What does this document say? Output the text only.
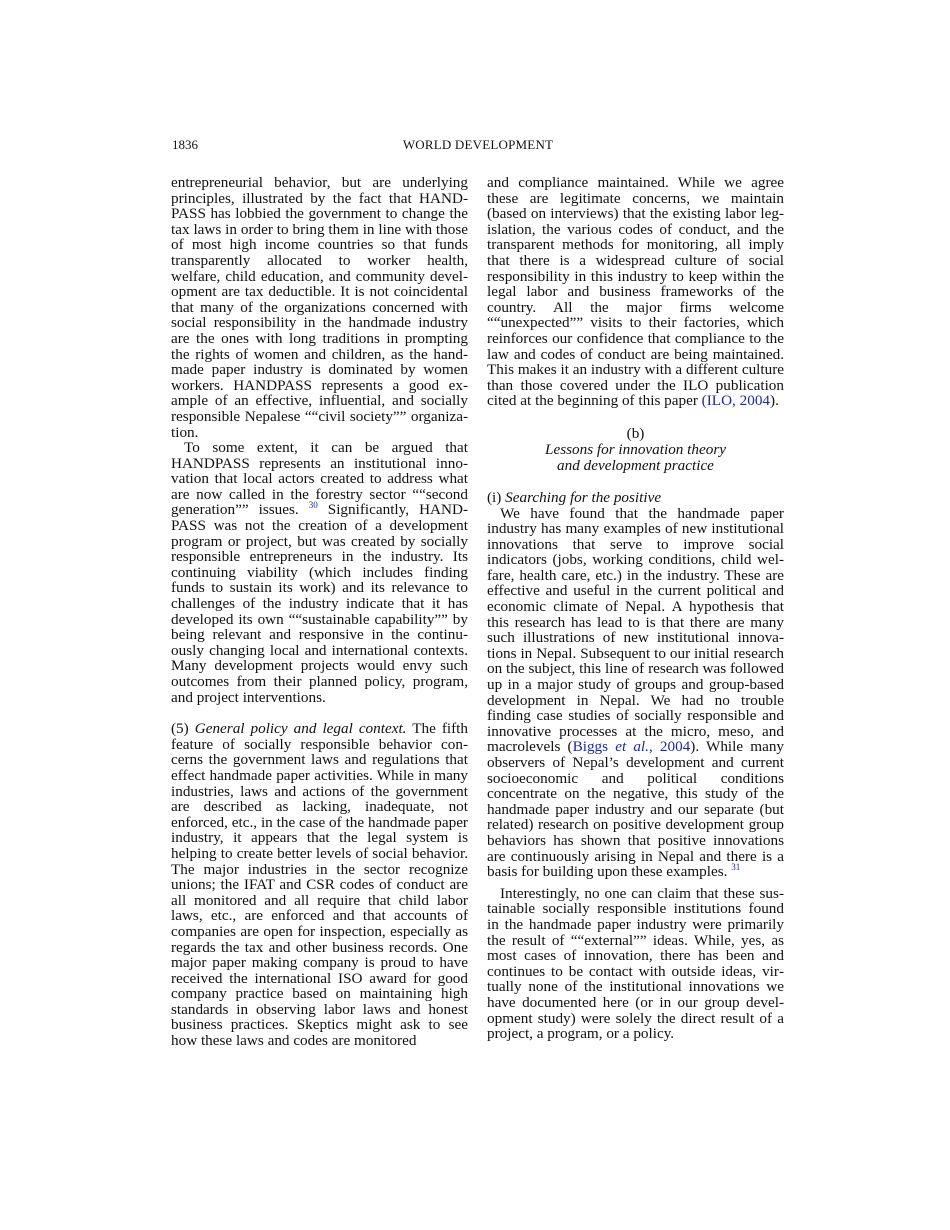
1836	WORLD DEVELOPMENT

entrepreneurial behavior, but are underlying principles, illustrated by the fact that HANDPASS has lobbied the government to change the tax laws in order to bring them in line with those of most high income countries so that funds transparently allocated to worker health, welfare, child education, and community development are tax deductible. It is not coincidental that many of the organizations concerned with social responsibility in the handmade industry are the ones with long traditions in prompting the rights of women and children, as the handmade paper industry is dominated by women workers. HANDPASS represents a good example of an effective, influential, and socially responsible Nepalese ““civil society”” organization.

To some extent, it can be argued that HANDPASS represents an institutional innovation that local actors created to address what are now called in the forestry sector ““second generation”” issues. $^{30}$ Significantly, HANDPASS was not the creation of a development program or project, but was created by socially responsible entrepreneurs in the industry. Its continuing viability (which includes finding funds to sustain its work) and its relevance to challenges of the industry indicate that it has developed its own ““sustainable capability”” by being relevant and responsive in the continuously changing local and international contexts. Many development projects would envy such outcomes from their planned policy, program, and project interventions.

(5) General policy and legal context. The fifth feature of socially responsible behavior concerns the government laws and regulations that effect handmade paper activities. While in many industries, laws and actions of the government are described as lacking, inadequate, not enforced, etc., in the case of the handmade paper industry, it appears that the legal system is helping to create better levels of social behavior. The major industries in the sector recognize unions; the IFAT and CSR codes of conduct are all monitored and all require that child labor laws, etc., are enforced and that accounts of companies are open for inspection, especially as regards the tax and other business records. One major paper making company is proud to have received the international ISO award for good company practice based on maintaining high standards in observing labor laws and honest business practices. Skeptics might ask to see how these laws and codes are monitored

and compliance maintained. While we agree these are legitimate concerns, we maintain (based on interviews) that the existing labor legislation, the various codes of conduct, and the transparent methods for monitoring, all imply that there is a widespread culture of social responsibility in this industry to keep within the legal labor and business frameworks of the country. All the major firms welcome ““unexpected”” visits to their factories, which reinforces our confidence that compliance to the law and codes of conduct are being maintained. This makes it an industry with a different culture than those covered under the ILO publication cited at the beginning of this paper (ILO, 2004).

(b)
Lessons for innovation theory
and development practice

(i) Searching for the positive

We have found that the handmade paper industry has many examples of new institutional innovations that serve to improve social indicators (jobs, working conditions, child welfare, health care, etc.) in the industry. These are effective and useful in the current political and economic climate of Nepal. A hypothesis that this research has lead to is that there are many such illustrations of new institutional innovations in Nepal. Subsequent to our initial research on the subject, this line of research was followed up in a major study of groups and group-based development in Nepal. We had no trouble finding case studies of socially responsible and innovative processes at the micro, meso, and macrolevels (Biggs et al., 2004). While many observers of Nepal’s development and current socioeconomic and political conditions concentrate on the negative, this study of the handmade paper industry and our separate (but related) research on positive development group behaviors has shown that positive innovations are continuously arising in Nepal and there is a basis for building upon these examples. $^{31}$

Interestingly, no one can claim that these sustainable socially responsible institutions found in the handmade paper industry were primarily the result of ““external”” ideas. While, yes, as most cases of innovation, there has been and continues to be contact with outside ideas, virtually none of the institutional innovations we have documented here (or in our group development study) were solely the direct result of a project, a program, or a policy.
